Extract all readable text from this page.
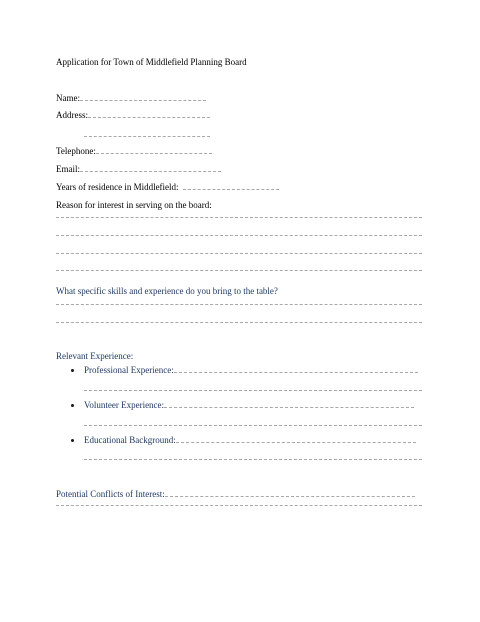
Application for Town of Middlefield Planning Board
Name:
Address:
Telephone:
Email:
Years of residence in Middlefield:
Reason for interest in serving on the board:
What specific skills and experience do you bring to the table?
Relevant Experience:
Professional Experience:
Volunteer Experience:
Educational Background:
Potential Conflicts of Interest:
